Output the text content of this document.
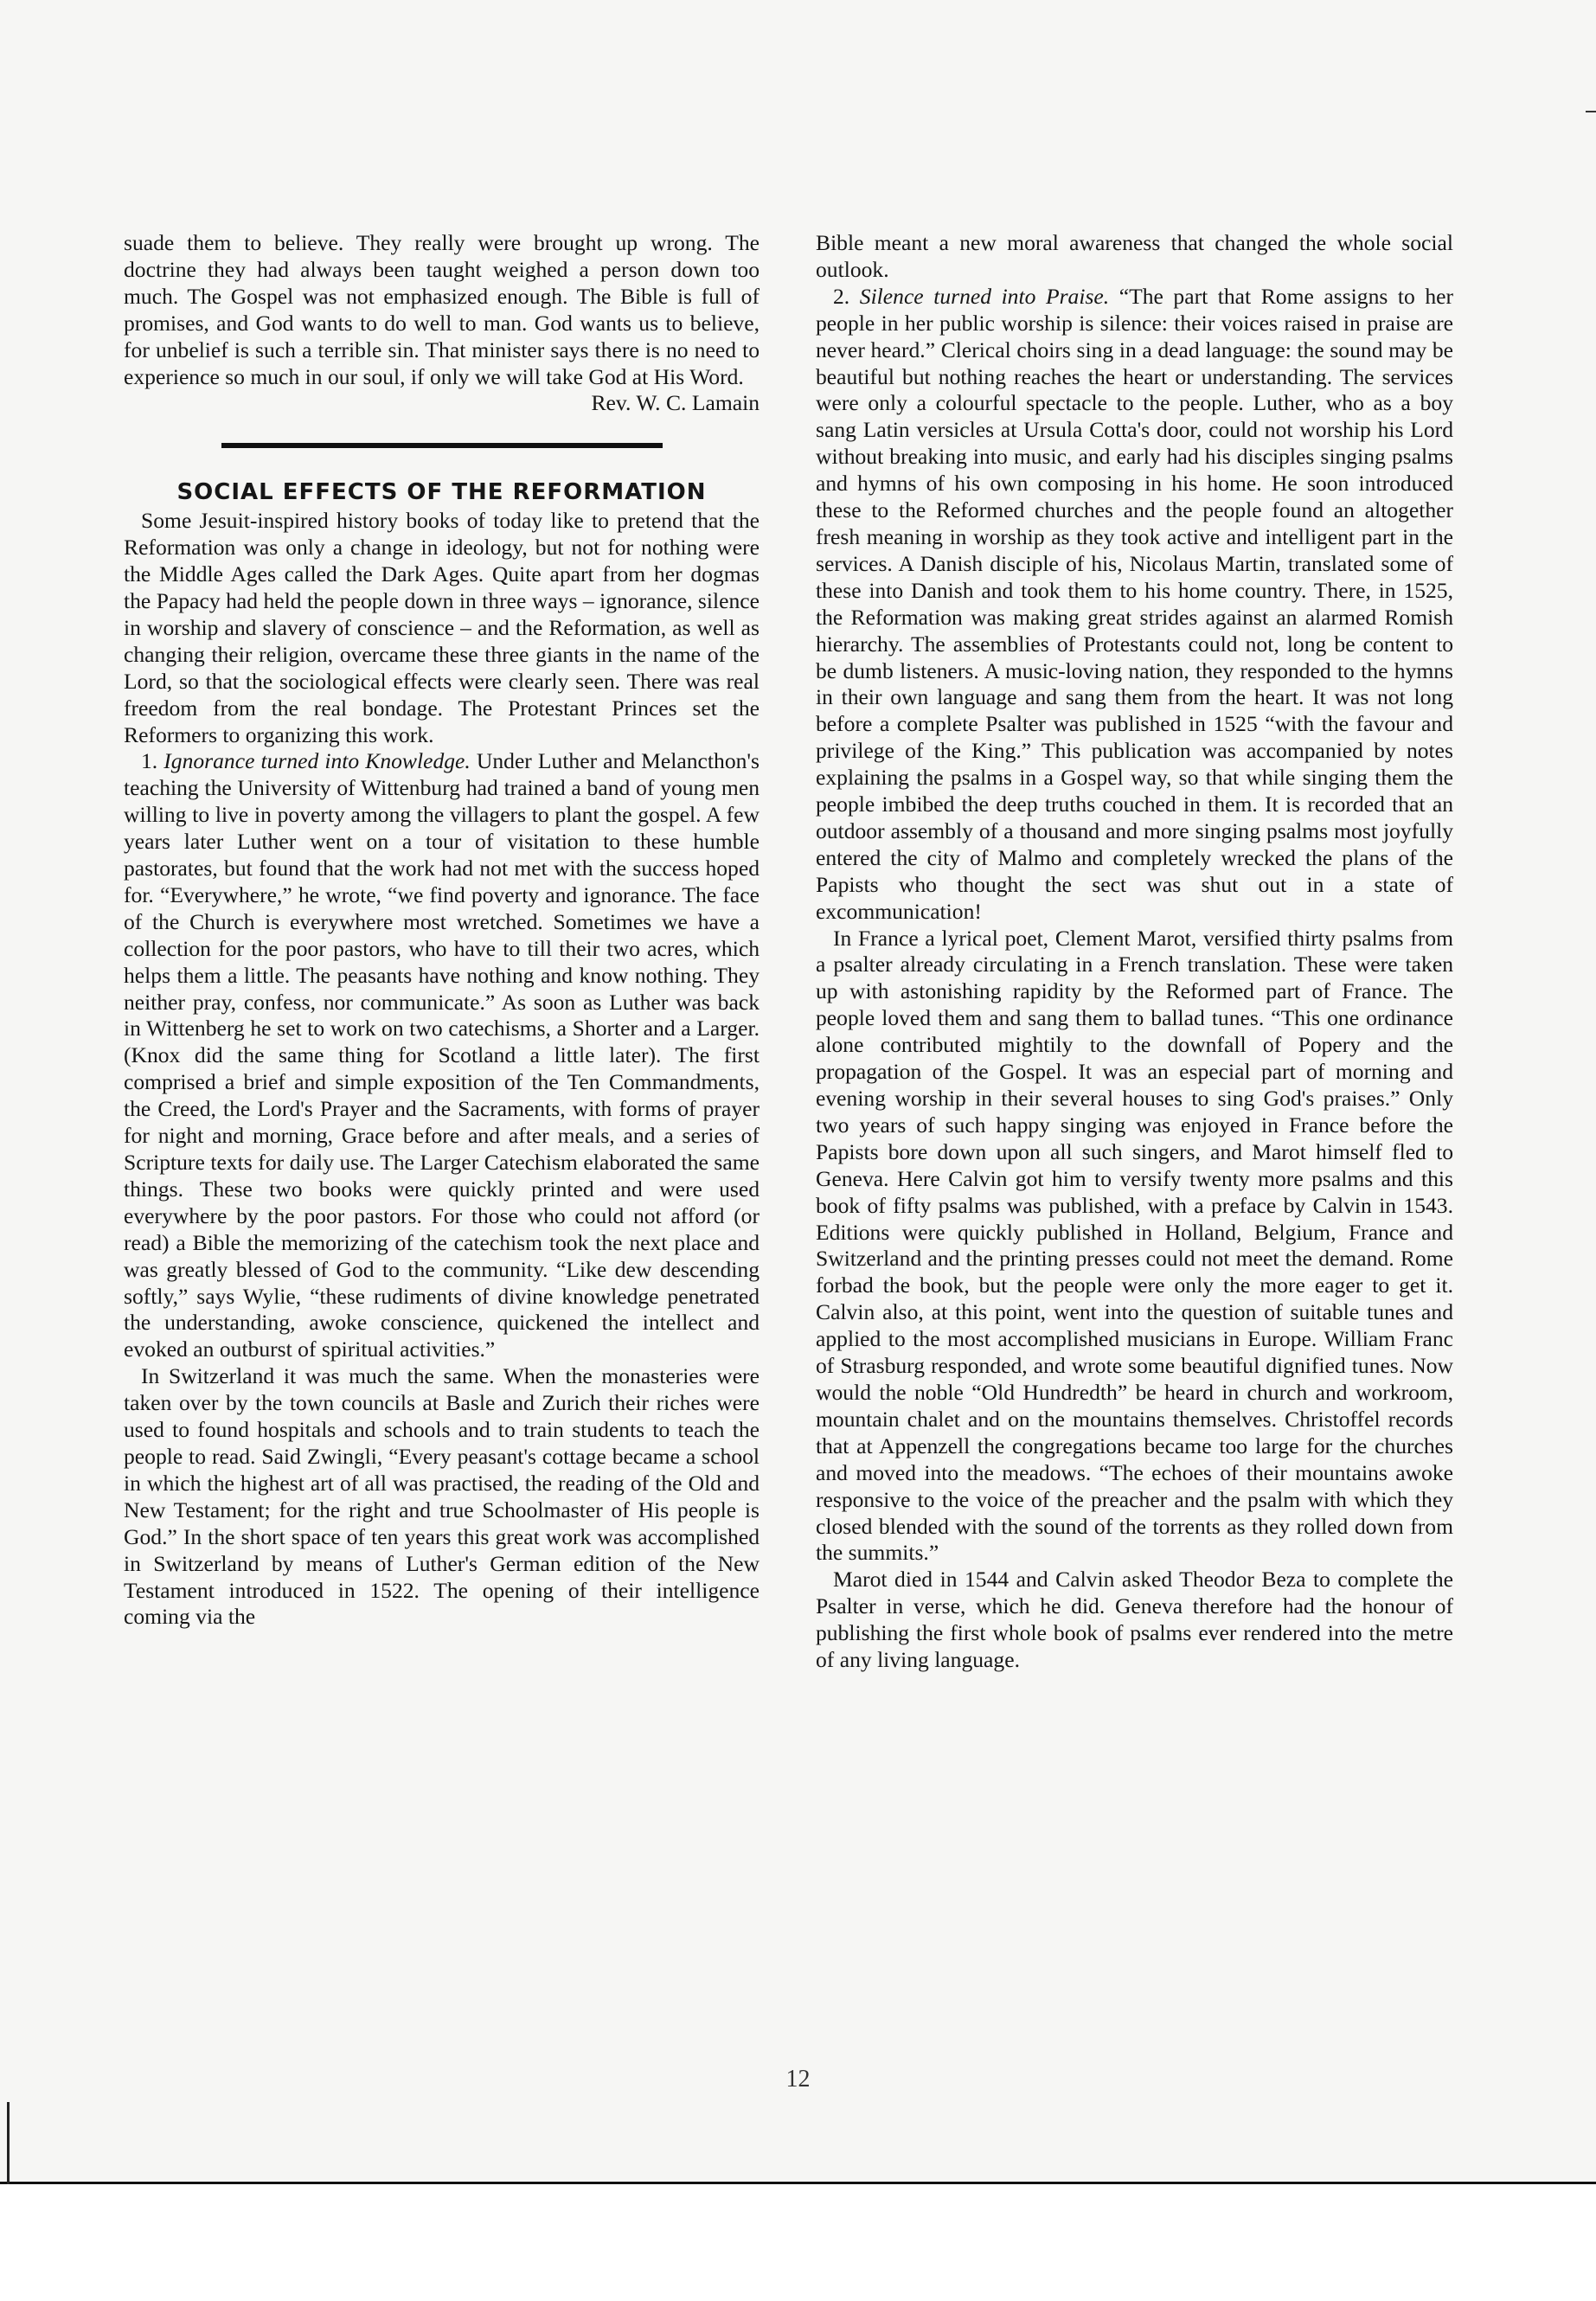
suade them to believe. They really were brought up wrong. The doctrine they had always been taught weighed a person down too much. The Gospel was not emphasized enough. The Bible is full of promises, and God wants to do well to man. God wants us to believe, for unbelief is such a terrible sin. That minister says there is no need to experience so much in our soul, if only we will take God at His Word.

Rev. W. C. Lamain

SOCIAL EFFECTS OF THE REFORMATION

Some Jesuit-inspired history books of today like to pretend that the Reformation was only a change in ideology, but not for nothing were the Middle Ages called the Dark Ages. Quite apart from her dogmas the Papacy had held the people down in three ways – ignorance, silence in worship and slavery of conscience – and the Reformation, as well as changing their religion, overcame these three giants in the name of the Lord, so that the sociological effects were clearly seen. There was real freedom from the real bondage. The Protestant Princes set the Reformers to organizing this work.

1. Ignorance turned into Knowledge. Under Luther and Melancthon's teaching the University of Wittenburg had trained a band of young men willing to live in poverty among the villagers to plant the gospel. A few years later Luther went on a tour of visitation to these humble pastorates, but found that the work had not met with the success hoped for. “Everywhere,” he wrote, “we find poverty and ignorance. The face of the Church is everywhere most wretched. Sometimes we have a collection for the poor pastors, who have to till their two acres, which helps them a little. The peasants have nothing and know nothing. They neither pray, confess, nor communicate.” As soon as Luther was back in Wittenberg he set to work on two catechisms, a Shorter and a Larger. (Knox did the same thing for Scotland a little later). The first comprised a brief and simple exposition of the Ten Commandments, the Creed, the Lord's Prayer and the Sacraments, with forms of prayer for night and morning, Grace before and after meals, and a series of Scripture texts for daily use. The Larger Catechism elaborated the same things. These two books were quickly printed and were used everywhere by the poor pastors. For those who could not afford (or read) a Bible the memorizing of the catechism took the next place and was greatly blessed of God to the community. “Like dew descending softly,” says Wylie, “these rudiments of divine knowledge penetrated the understanding, awoke conscience, quickened the intellect and evoked an outburst of spiritual activities.”

In Switzerland it was much the same. When the monasteries were taken over by the town councils at Basle and Zurich their riches were used to found hospitals and schools and to train students to teach the people to read. Said Zwingli, “Every peasant's cottage became a school in which the highest art of all was practised, the reading of the Old and New Testament; for the right and true Schoolmaster of His people is God.” In the short space of ten years this great work was accomplished in Switzerland by means of Luther's German edition of the New Testament introduced in 1522. The opening of their intelligence coming via the

Bible meant a new moral awareness that changed the whole social outlook.

2. Silence turned into Praise. “The part that Rome assigns to her people in her public worship is silence: their voices raised in praise are never heard.” Clerical choirs sing in a dead language: the sound may be beautiful but nothing reaches the heart or understanding. The services were only a colourful spectacle to the people. Luther, who as a boy sang Latin versicles at Ursula Cotta's door, could not worship his Lord without breaking into music, and early had his disciples singing psalms and hymns of his own composing in his home. He soon introduced these to the Reformed churches and the people found an altogether fresh meaning in worship as they took active and intelligent part in the services. A Danish disciple of his, Nicolaus Martin, translated some of these into Danish and took them to his home country. There, in 1525, the Reformation was making great strides against an alarmed Romish hierarchy. The assemblies of Protestants could not, long be content to be dumb listeners. A music-loving nation, they responded to the hymns in their own language and sang them from the heart. It was not long before a complete Psalter was published in 1525 “with the favour and privilege of the King.” This publication was accompanied by notes explaining the psalms in a Gospel way, so that while singing them the people imbibed the deep truths couched in them. It is recorded that an outdoor assembly of a thousand and more singing psalms most joyfully entered the city of Malmo and completely wrecked the plans of the Papists who thought the sect was shut out in a state of excommunication!

In France a lyrical poet, Clement Marot, versified thirty psalms from a psalter already circulating in a French translation. These were taken up with astonishing rapidity by the Reformed part of France. The people loved them and sang them to ballad tunes. “This one ordinance alone contributed mightily to the downfall of Popery and the propagation of the Gospel. It was an especial part of morning and evening worship in their several houses to sing God's praises.” Only two years of such happy singing was enjoyed in France before the Papists bore down upon all such singers, and Marot himself fled to Geneva. Here Calvin got him to versify twenty more psalms and this book of fifty psalms was published, with a preface by Calvin in 1543. Editions were quickly published in Holland, Belgium, France and Switzerland and the printing presses could not meet the demand. Rome forbad the book, but the people were only the more eager to get it. Calvin also, at this point, went into the question of suitable tunes and applied to the most accomplished musicians in Europe. William Franc of Strasburg responded, and wrote some beautiful dignified tunes. Now would the noble “Old Hundredth” be heard in church and workroom, mountain chalet and on the mountains themselves. Christoffel records that at Appenzell the congregations became too large for the churches and moved into the meadows. “The echoes of their mountains awoke responsive to the voice of the preacher and the psalm with which they closed blended with the sound of the torrents as they rolled down from the summits.”

Marot died in 1544 and Calvin asked Theodor Beza to complete the Psalter in verse, which he did. Geneva therefore had the honour of publishing the first whole book of psalms ever rendered into the metre of any living language.

12
